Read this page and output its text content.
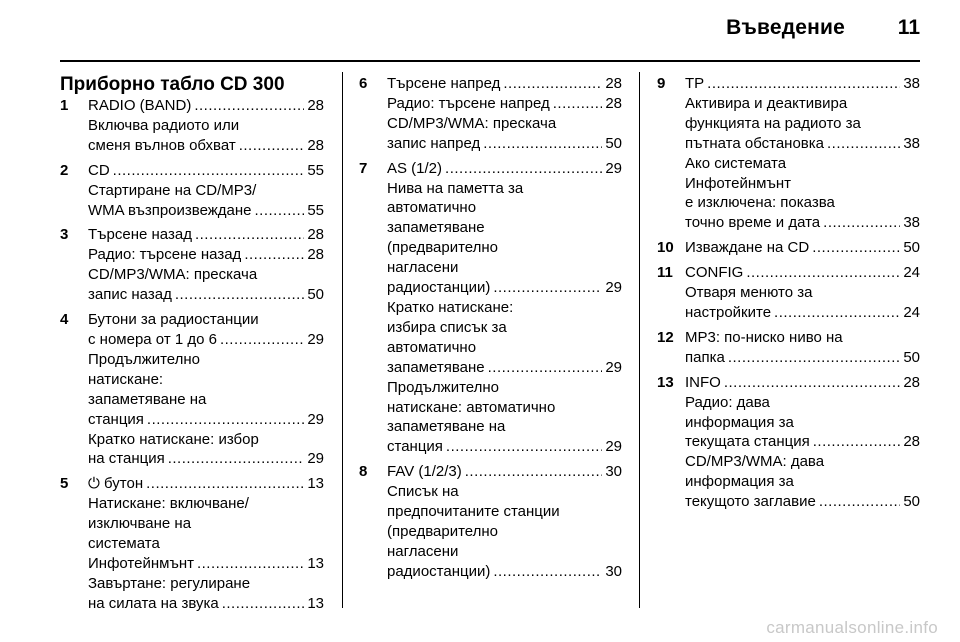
Въведение	11
Приборно табло CD 300
1 RADIO (BAND) .....	28
Включва радиото или
сменя вълнов обхват .....	28
2 CD .....	55
Стартиране на CD/MP3/
WMA възпроизвеждане .....	55
3 Търсене назад .....	28
Радио: търсене назад .....	28
CD/MP3/WMA: прескача
запис назад .....	50
4 Бутони за радиостанции
с номера от 1 до 6 .....	29
Продължително
натискане:
запаметяване на
станция .....	29
Кратко натискане: избор
на станция .....	29
5 ⏻ бутон .....	13
Натискане: включване/
изключване на
системата
Инфотейнмънт .....	13
Завъртане: регулиране
на силата на звука .....	13
6 Търсене напред .....	28
Радио: търсене напред .....	28
CD/MP3/WMA: прескача
запис напред .....	50
7 AS (1/2) .....	29
Нива на паметта за
автоматично
запаметяване
(предварително
нагласени
радиостанции) .....	29
Кратко натискане:
избира списък за
автоматично
запаметяване .....	29
Продължително
натискане: автоматично
запаметяване на
станция .....	29
8 FAV (1/2/3) .....	30
Списък на
предпочитаните станции
(предварително
нагласени
радиостанции) .....	30
9 TP .....	38
Активира и деактивира
функцията на радиото за
пътната обстановка .....	38
Ако системата
Инфотейнмънт
е изключена: показва
точно време и дата .....	38
10 Изваждане на CD .....	50
11 CONFIG .....	24
Отваря менюто за
настройките .....	24
12 MP3: по-ниско ниво на
папка .....	50
13 INFO .....	28
Радио: дава
информация за
текущата станция .....	28
CD/MP3/WMA: дава
информация за
текущото заглавие .....	50
carmanualsonline.info
